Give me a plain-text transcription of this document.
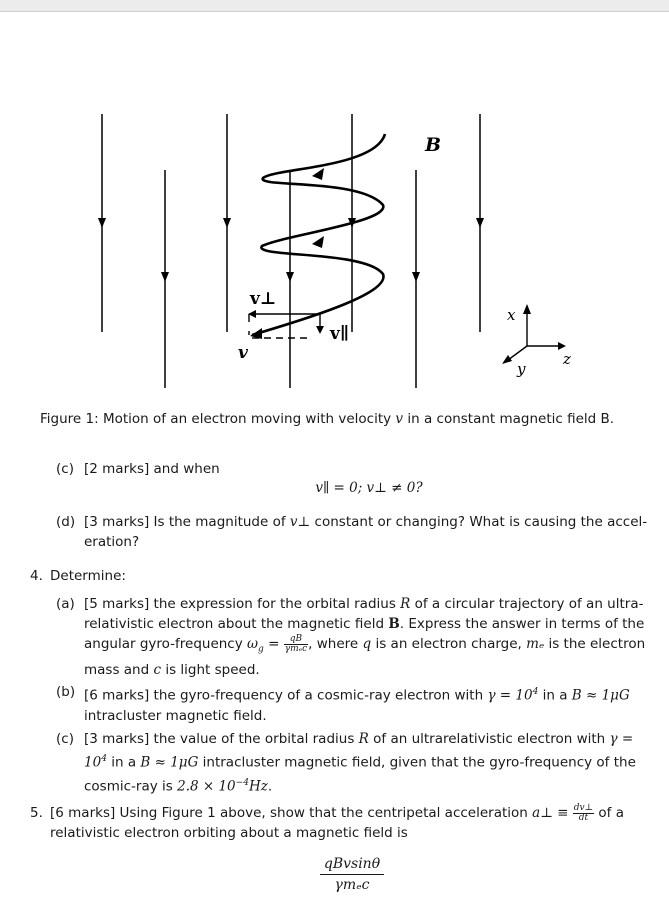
B
v⊥
v∥
v
x
y
z
Figure 1: Motion of an electron moving with velocity v in a constant magnetic field B.
(c) [2 marks] and when
v∥ = 0; v⊥ ≠ 0?
(d) [3 marks] Is the magnitude of v⊥ constant or changing? What is causing the accel-
eration?
4. Determine:
(a) [5 marks] the expression for the orbital radius R of a circular trajectory of an ultra-
relativistic electron about the magnetic field B. Express the answer in terms of the
angular gyro-frequency $\omega_g = \frac{qB}{\text{γmₑc}}$ , where q is an electron charge, mₑ is the electron
mass and c is light speed.
(b) [6 marks] the gyro-frequency of a cosmic-ray electron with $\gamma = 10^4$ in a B ≈ 1μG
intracluster magnetic field.
(c) [3 marks] the value of the orbital radius R of an ultrarelativistic electron with γ =
$10^4$ in a B ≈ 1μG intracluster magnetic field, given that the gyro-frequency of the
cosmic-ray is $2.8 \times 10^{-4}Hz$.
5. [6 marks] Using Figure 1 above, show that the centripetal acceleration a⊥ ≡ $\frac{dv\perp}{dt}$ of a
relativistic electron orbiting about a magnetic field is
$\frac{\text{qBvsinθ}}{\text{γmₑc}}$
